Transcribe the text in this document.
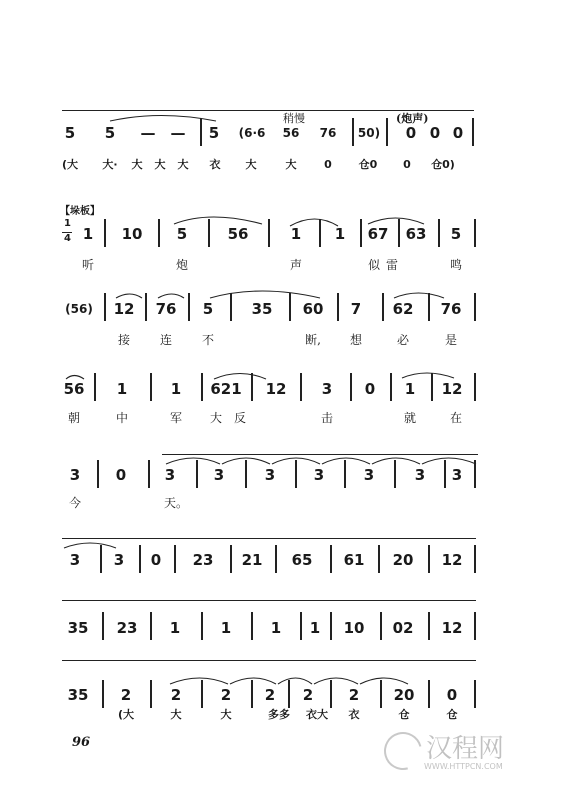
稍慢	(炮声)
5 5 — — 5 (6·6 56 76 50) 0 0 0
(大 大· 大 大 大 衣 大	大	0 仓0 0 仓0)
【垛板】
1
4 1 10 5	56	1 1 67 63 5
听	炮	声	似雷	鸣
(56) 12 76 5	35 60 7 62 76
接 连 不	断, 想	必	是
56 1	1 621 12 3 0 1 12
朝	中	军 大 反	击	就	在
3 0	3	3	3	3	3	3 3
今	天。
3 3 0 23 21 65 61 20 12
35 23 1	1	1 1 10 02 12
35 2	2	2 2 2 2 20 0
(大	大	大	多多 衣大 衣	仓	仓
96	汉程网
WWW.HTTPCN.COM
